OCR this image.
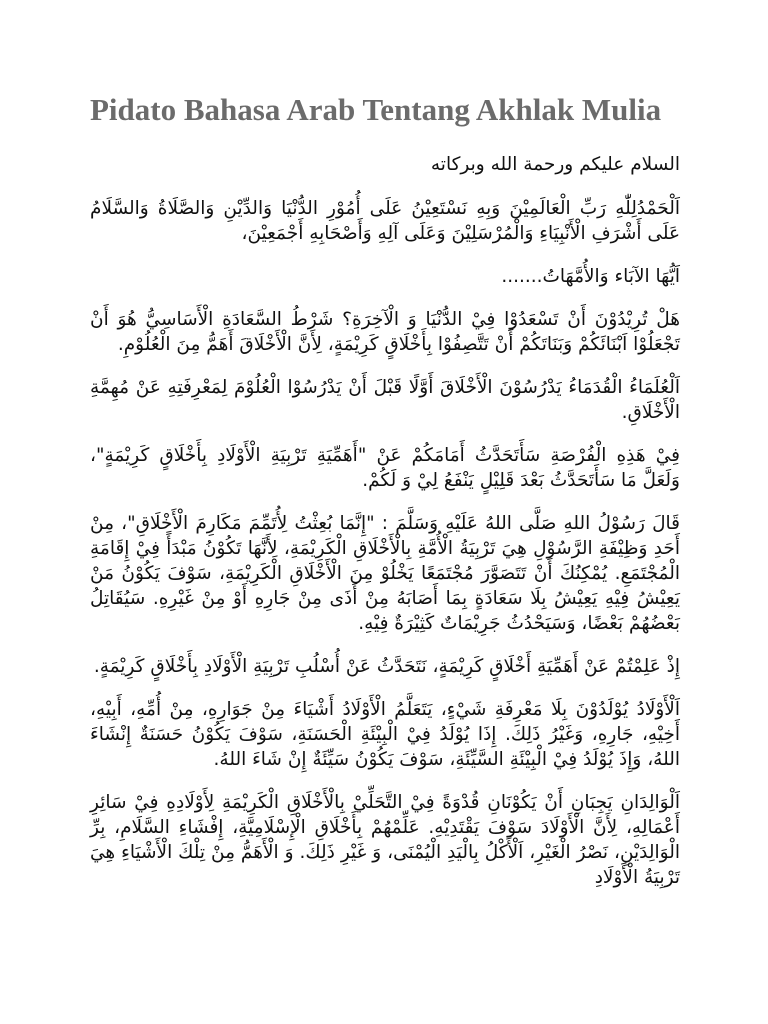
Pidato Bahasa Arab Tentang Akhlak Mulia

السلام عليكم ورحمة الله وبركاته

اَلْحَمْدُلِلّٰهِ رَبِّ الْعَالَمِيْنَ وَبِهِ نَسْتَعِيْنُ عَلَى أُمُوْرِ الدُّنْيَا وَالدِّيْنِ وَالصَّلَاةُ وَالسَّلَامُ عَلَى أَشْرَفِ الْأَنْبِيَاءِ وَالْمُرْسَلِيْنَ وَعَلَى آلِهِ وَأَصْحَابِهِ أَجْمَعِيْنَ،

اَيُّهَا الآبَاء وَالأُمَّهَاتُ.......

هَلْ تُرِيْدُوْنَ أَنْ تَسْعَدُوْا فِيْ الدُّنْيَا وَ الْآخِرَةِ؟ شَرْطُ السَّعَادَةِ الْأَسَاسِيُّ هُوَ أَنْ تَجْعَلُوْا اَبْنَائَكُمْ وَبَنَاتَكُمْ أَنْ تَتَّصِفُوْا بِأَخْلَاقٍ كَرِيْمَةٍ، لِأَنَّ الْأَخْلَاقَ أَهَمُّ مِنَ الْعُلُوْمِ.

اَلْعُلَمَاءُ الْقُدَمَاءُ يَدْرُسُوْنَ الْأَخْلَاقَ أَوَّلًا قَبْلَ أَنْ يَدْرُسُوْا الْعُلُوْمَ لِمَعْرِفَتِهِ عَنْ مُهِمَّةِ الْأَخْلَاقِ.

فِيْ هَذِهِ الْفُرْصَةِ سَأَتَحَدَّثُ أَمَامَكُمْ عَنْ "أَهَمِّيَةِ تَرْبِيَةِ الْأَوْلَادِ بِأَخْلَاقٍ كَرِيْمَةٍ"، وَلَعَلَّ مَا سَأَتَحَدَّثُ بَعْدَ قَلِيْلٍ يَنْفَعُ لِيْ وَ لَكُمْ.

قَالَ رَسُوْلُ اللهِ صَلَّى اللهُ عَلَيْهِ وَسَلَّمَ : "إِنَّمَا بُعِثْتُ لِأُتَمِّمَ مَكَارِمَ الْأَخْلَاقِ"، مِنْ أَحَدِ وَظِيْفَةِ الرَّسُوْلِ هِيَ تَرْبِيَةُ الْأُمَّةِ بِالْأَخْلَاقِ الْكَرِيْمَةِ، لِأَنَّهَا تَكُوْنُ مَبْدَأً فِيْ إِقَامَةِ الْمُجْتَمَعِ. يُمْكِنُكَ أَنْ تَتَصَوَّرَ مُجْتَمَعًا يَخْلُوْ مِنَ الْأَخْلَاقِ الْكَرِيْمَةِ، سَوْفَ يَكُوْنُ مَنْ يَعِيْشُ فِيْهِ يَعِيْشُ بِلَا سَعَادَةٍ بِمَا أَصَابَهُ مِنْ أَذَى مِنْ جَارِهِ أَوْ مِنْ غَيْرِهِ. سَيُقَاتِلُ بَعْضُهُمْ بَعْضًا، وَسَيَحْدُثُ جَرِيْمَاتٌ كَثِيْرَةٌ فِيْهِ.

إِذْ عَلِمْتُمْ عَنْ أَهَمِّيَةِ أَخْلَاقٍ كَرِيْمَةٍ، نَتَحَدَّثُ عَنْ أُسْلُبِ تَرْبِيَةِ الْأَوْلَادِ بِأَخْلَاقٍ كَرِيْمَةٍ.

اَلْأَوْلَادُ يُوْلَدُوْنَ بِلَا مَعْرِفَةِ شَيْءٍ، يَتَعَلَّمُ الْأَوْلَادُ أَشْيَاءَ مِنْ جَوَارِهِ، مِنْ أُمِّهِ، أَبِيْهِ، أَخِيْهِ، جَارِهِ، وَغَيْرُ ذَلِكَ. إِذَا يُوْلَدُ فِيْ الْبِيْئَةِ الْحَسَنَةِ، سَوْفَ يَكُوْنُ حَسَنَةٌ إِنْشَاءَ اللهُ، وَإِذَ يُوْلَدُ فِيْ الْبِيْئَةِ السَّيِّئَةِ، سَوْفَ يَكُوْنُ سَيِّئَةٌ إِنْ شَاءَ اللهُ.

اَلْوَالِدَانِ يَجِبَانِ أَنْ يَكُوْنَانِ قُدْوَةً فِيْ التَّحَلِّيْ بِالْأَخْلَاقِ الْكَرِيْمَةِ لِأَوْلَادِهِ فِيْ سَائِرِ أَعْمَالِهِ، لِأَنَّ الْأَوْلَادَ سَوْفَ يَقْتَدِيْهِ. عَلِّمْهُمْ بِأَخْلَاقِ الْإِسْلَامِيَّةِ، إِفْشَاءِ السَّلَامِ، بِرِّ الْوَالِدَيْنِ، نَصْرُ الْغَيْرِ، اَلْأَكْلُ بِالْيَدِ الْيُمْنَى، وَ غَيْرِ ذَلِكَ. وَ الْأَهَمُّ مِنْ تِلْكَ الْأَشْيَاءِ هِيَ تَرْبِيَةُ الْأَوْلَادِ
